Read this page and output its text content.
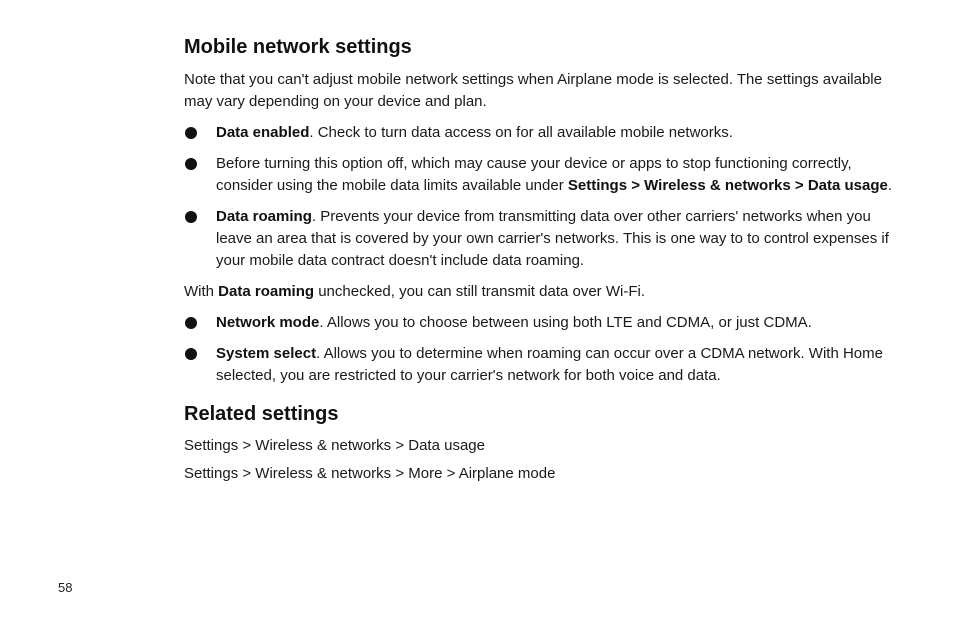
Mobile network settings

Note that you can't adjust mobile network settings when Airplane mode is selected. The settings available may vary depending on your device and plan.

Data enabled. Check to turn data access on for all available mobile networks.
Before turning this option off, which may cause your device or apps to stop functioning correctly, consider using the mobile data limits available under Settings > Wireless & networks > Data usage.
Data roaming. Prevents your device from transmitting data over other carriers' networks when you leave an area that is covered by your own carrier's networks. This is one way to to control expenses if your mobile data contract doesn't include data roaming.

With Data roaming unchecked, you can still transmit data over Wi-Fi.

Network mode. Allows you to choose between using both LTE and CDMA, or just CDMA.
System select. Allows you to determine when roaming can occur over a CDMA network. With Home selected, you are restricted to your carrier's network for both voice and data.
Related settings
Settings > Wireless & networks > Data usage
Settings > Wireless & networks > More > Airplane mode
58
